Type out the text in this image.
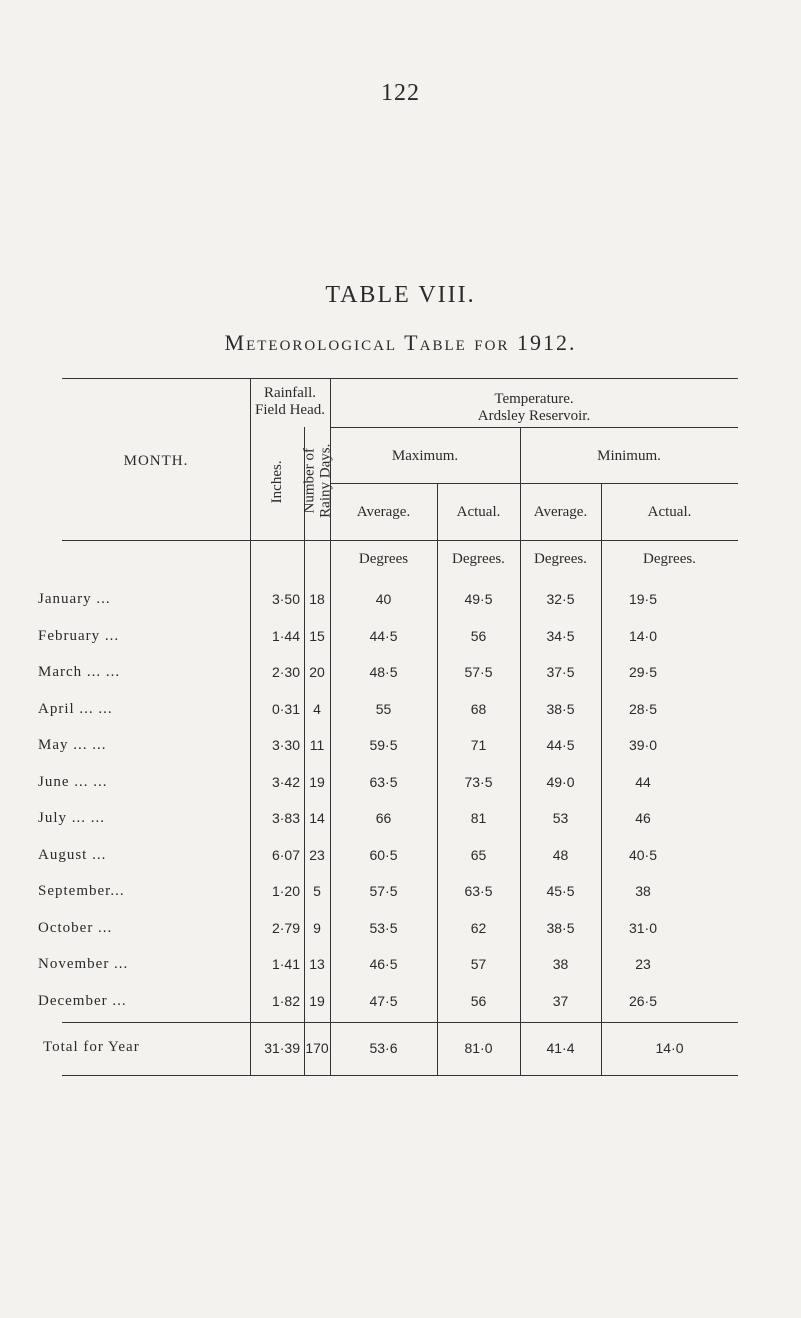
122
TABLE VIII.
Meteorological Table for 1912.
Rainfall.
Field Head.
Temperature.
Ardsley Reservoir.
MONTH.	Inches. Number of Rainy Days.	Maximum.	Minimum.
Average.	Actual.	Average.	Actual.
Degrees	Degrees.	Degrees.	Degrees.
January ...	3·50 18	40	49·5	32·5	19·5
February ...	1·44 15	44·5	56	34·5	14·0
March ... ...	2·30 20	48·5	57·5	37·5	29·5
April ... ...	0·31 4	55	68	38·5	28·5
May ... ...	3·30 11	59·5	71	44·5	39·0
June ... ...	3·42 19	63·5	73·5	49·0	44
July ... ...	3·83 14	66	81	53	46
August ...	6·07 23	60·5	65	48	40·5
September...	1·20 5	57·5	63·5	45·5	38
October ...	2·79 9	53·5	62	38·5	31·0
November ...	1·41 13	46·5	57	38	23
December ...	1·82 19	47·5	56	37	26·5
Total for Year	31·39 170	53·6	81·0	41·4	14·0
